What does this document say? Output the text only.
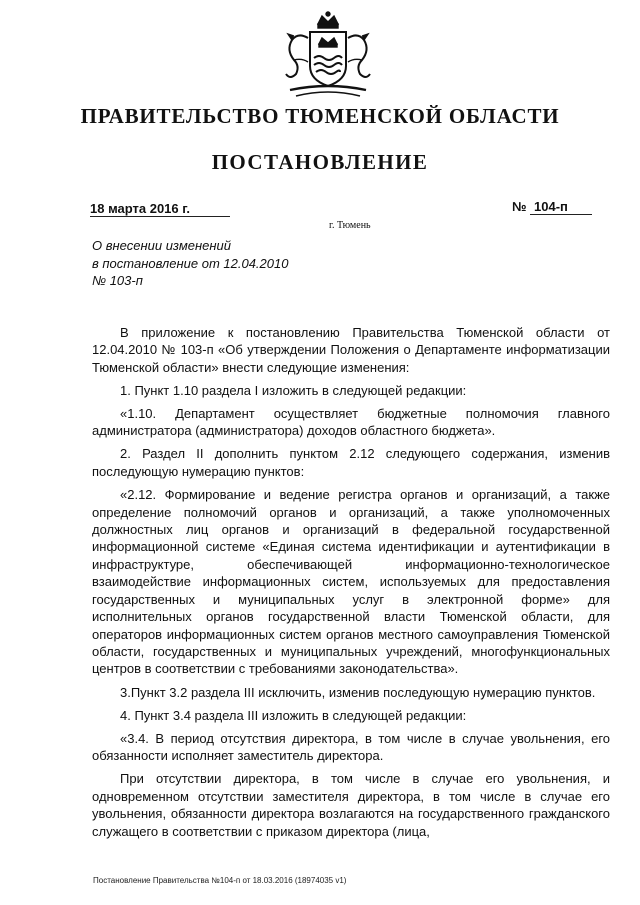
ПРАВИТЕЛЬСТВО ТЮМЕНСКОЙ ОБЛАСТИ
ПОСТАНОВЛЕНИЕ
18 марта 2016 г.	№ 104-п
г. Тюмень
О внесении изменений
в постановление от 12.04.2010
№ 103-п

В приложение к постановлению Правительства Тюменской области от 12.04.2010 № 103-п «Об утверждении Положения о Департаменте информатизации Тюменской области» внести следующие изменения:

1. Пункт 1.10 раздела I изложить в следующей редакции:

«1.10. Департамент осуществляет бюджетные полномочия главного администратора (администратора) доходов областного бюджета».

2. Раздел II дополнить пунктом 2.12 следующего содержания, изменив последующую нумерацию пунктов:

«2.12. Формирование и ведение регистра органов и организаций, а также определение полномочий органов и организаций, а также уполномоченных должностных лиц органов и организаций в федеральной государственной информационной системе «Единая система идентификации и аутентификации в инфраструктуре, обеспечивающей информационно-технологическое взаимодействие информационных систем, используемых для предоставления государственных и муниципальных услуг в электронной форме» для исполнительных органов государственной власти Тюменской области, для операторов информационных систем органов местного самоуправления Тюменской области, государственных и муниципальных учреждений, многофункциональных центров в соответствии с требованиями законодательства».

3.Пункт 3.2 раздела III исключить, изменив последующую нумерацию пунктов.

4. Пункт 3.4 раздела III изложить в следующей редакции:

«3.4. В период отсутствия директора, в том числе в случае увольнения, его обязанности исполняет заместитель директора.

При отсутствии директора, в том числе в случае его увольнения, и одновременном отсутствии заместителя директора, в том числе в случае его увольнения, обязанности директора возлагаются на государственного гражданского служащего в соответствии с приказом директора (лица,

Постановление Правительства №104-п от 18.03.2016 (18974035 v1)
